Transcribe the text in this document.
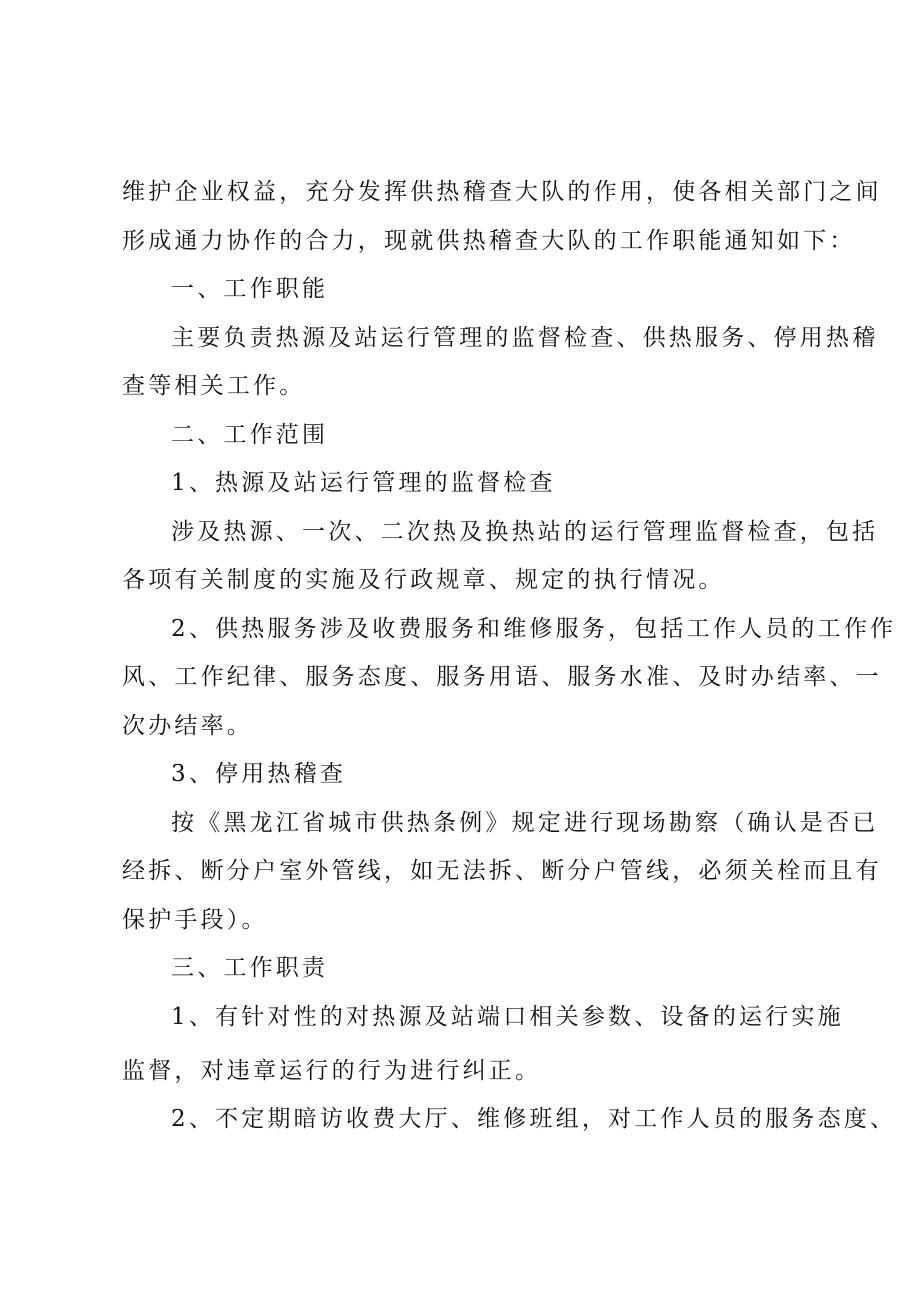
维护企业权益，充分发挥供热稽查大队的作用，使各相关部门之间
形成通力协作的合力，现就供热稽查大队的工作职能通知如下：
一、工作职能
主要负责热源及站运行管理的监督检查、供热服务、停用热稽
查等相关工作。
二、工作范围
1、热源及站运行管理的监督检查
涉及热源、一次、二次热及换热站的运行管理监督检查，包括
各项有关制度的实施及行政规章、规定的执行情况。
2、供热服务涉及收费服务和维修服务，包括工作人员的工作作
风、工作纪律、服务态度、服务用语、服务水准、及时办结率、一
次办结率。
3、停用热稽查
按《黑龙江省城市供热条例》规定进行现场勘察（确认是否已
经拆、断分户室外管线，如无法拆、断分户管线，必须关栓而且有
保护手段）。
三、工作职责
1、有针对性的对热源及站端口相关参数、设备的运行实施
监督，对违章运行的行为进行纠正。
2、不定期暗访收费大厅、维修班组，对工作人员的服务态度、
